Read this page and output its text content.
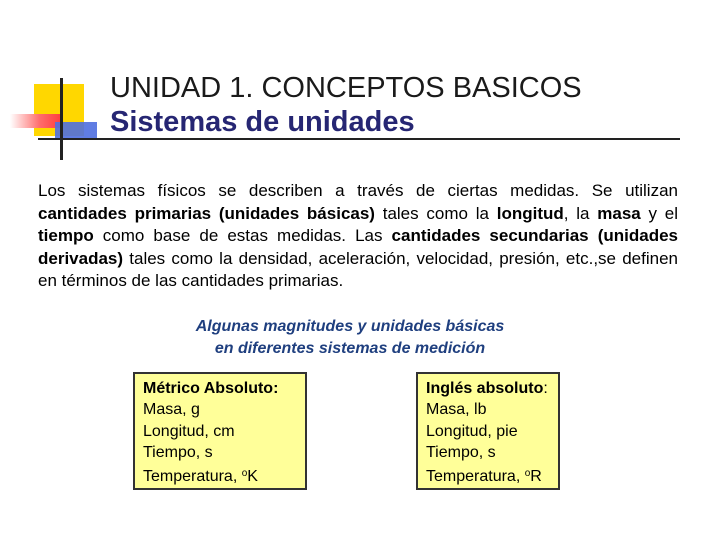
UNIDAD 1. CONCEPTOS BASICOS
Sistemas de unidades

Los sistemas físicos se describen a través de ciertas medidas. Se utilizan cantidades primarias (unidades básicas) tales como la longitud, la masa y el tiempo como base de estas medidas. Las cantidades secundarias (unidades derivadas) tales como la densidad, aceleración, velocidad, presión, etc.,se definen en términos de las cantidades primarias.

Algunas magnitudes y unidades básicas
en diferentes sistemas de medición
Métrico Absoluto:
Masa, g
Longitud, cm
Tiempo, s
Temperatura, $^o$K
Inglés absoluto:
Masa, lb
Longitud, pie
Tiempo, s
Temperatura, $^o$R
